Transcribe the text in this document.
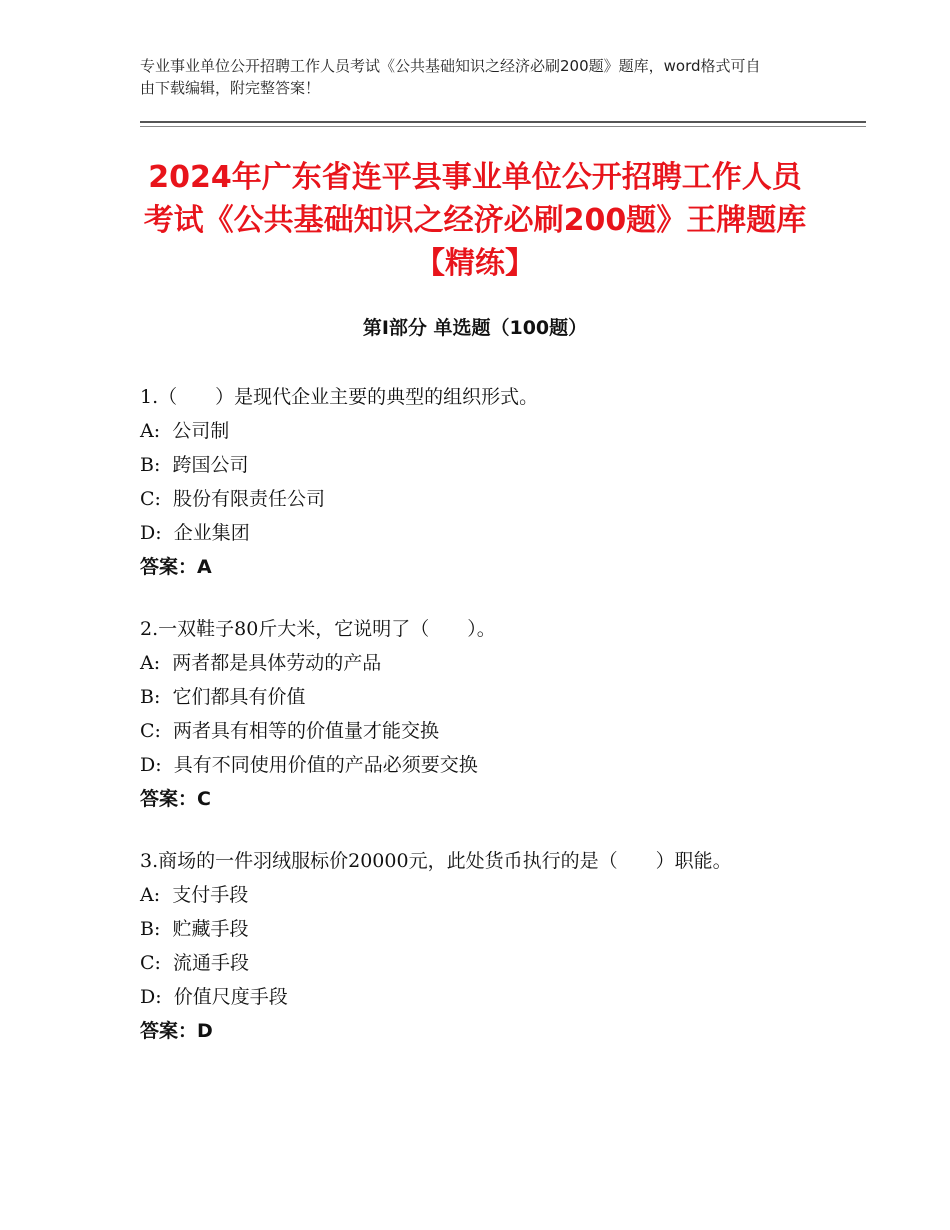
专业事业单位公开招聘工作人员考试《公共基础知识之经济必刷200题》题库，word格式可自由下载编辑，附完整答案！
2024年广东省连平县事业单位公开招聘工作人员考试《公共基础知识之经济必刷200题》王牌题库【精练】
第Ⅰ部分 单选题（100题）
1.（　　）是现代企业主要的典型的组织形式。
A:  公司制
B:  跨国公司
C:  股份有限责任公司
D:  企业集团
答案：A
2.一双鞋子80斤大米，它说明了（　　）。
A:  两者都是具体劳动的产品
B:  它们都具有价值
C:  两者具有相等的价值量才能交换
D:  具有不同使用价值的产品必须要交换
答案：C
3.商场的一件羽绒服标价20000元，此处货币执行的是（　　）职能。
A:  支付手段
B:  贮藏手段
C:  流通手段
D:  价值尺度手段
答案：D
